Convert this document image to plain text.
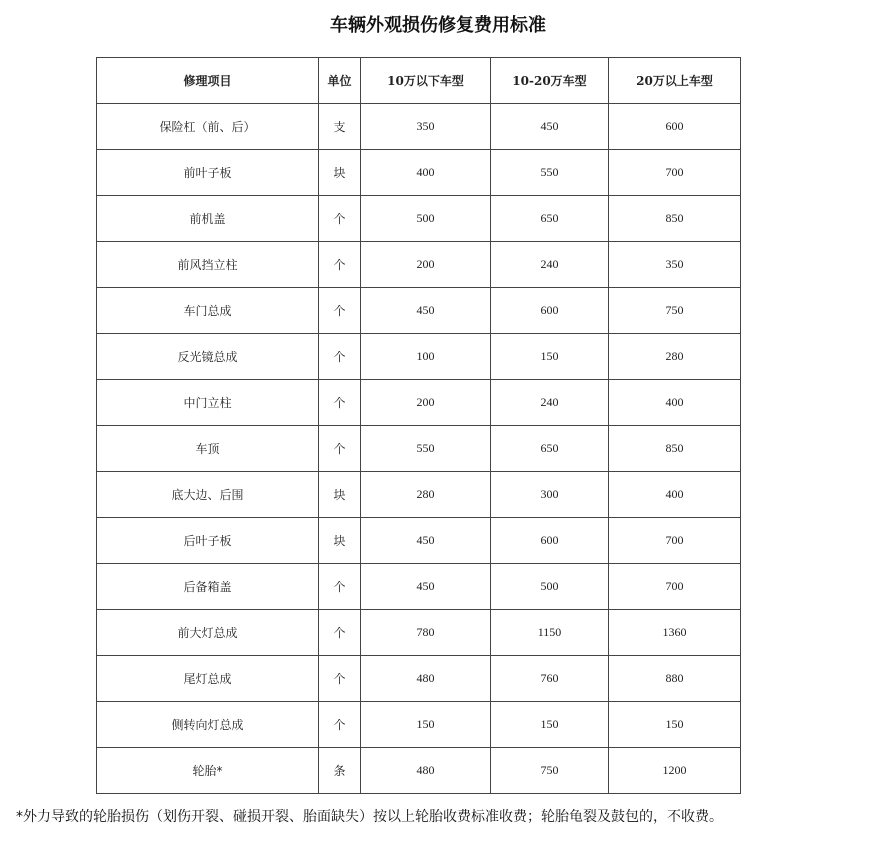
车辆外观损伤修复费用标准
修理项目	单位	10万以下车型	10-20万车型	20万以上车型
保险杠（前、后）	支	350	450	600
前叶子板	块	400	550	700
前机盖	个	500	650	850
前风挡立柱	个	200	240	350
车门总成	个	450	600	750
反光镜总成	个	100	150	280
中门立柱	个	200	240	400
车顶	个	550	650	850
底大边、后围	块	280	300	400
后叶子板	块	450	600	700
后备箱盖	个	450	500	700
前大灯总成	个	780	1150	1360
尾灯总成	个	480	760	880
侧转向灯总成	个	150	150	150
轮胎*	条	480	750	1200
*外力导致的轮胎损伤（划伤开裂、碰损开裂、胎面缺失）按以上轮胎收费标准收费；轮胎龟裂及鼓包的，不收费。
